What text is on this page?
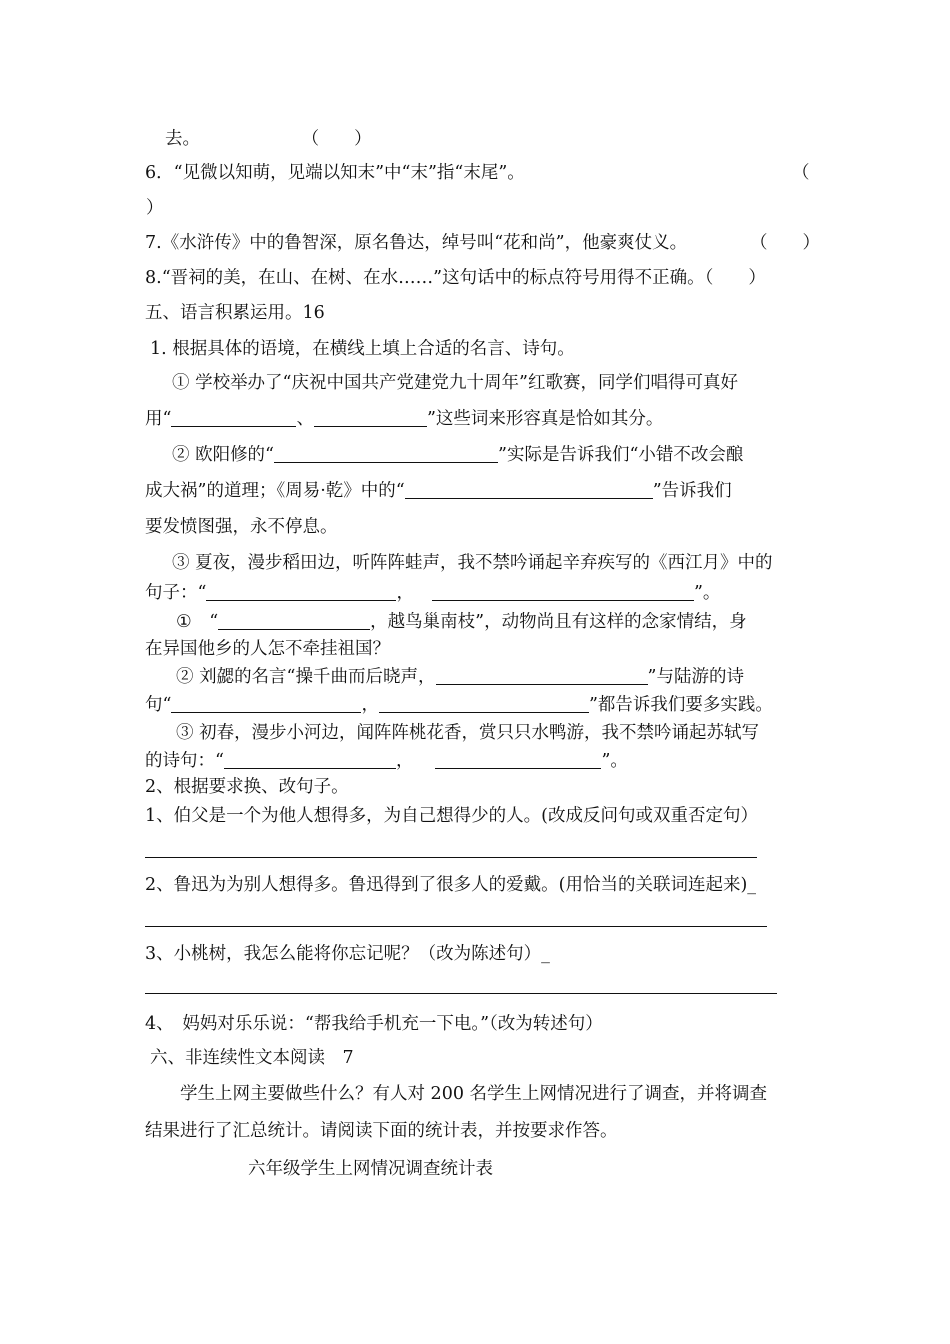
去。	（　　）
6．“见微以知萌，见端以知末”中“末”指“末尾”。	（
）
7.《水浒传》中的鲁智深，原名鲁达，绰号叫“花和尚”，他豪爽仗义。	（　　）
8.“晋祠的美，在山、在树、在水……”这句话中的标点符号用得不正确。（　　）
五、语言积累运用。16
1. 根据具体的语境，在横线上填上合适的名言、诗句。
① 学校举办了“庆祝中国共产党建党九十周年”红歌赛，同学们唱得可真好
用“	、	”这些词来形容真是恰如其分。
② 欧阳修的“	”实际是告诉我们“小错不改会酿
成大祸”的道理；《周易·乾》中的“	”告诉我们
要发愤图强，永不停息。
③ 夏夜，漫步稻田边，听阵阵蛙声，我不禁吟诵起辛弃疾写的《西江月》中的
句子：“	，	”。
①　“	，越鸟巢南枝”，动物尚且有这样的念家情结，身
在异国他乡的人怎不牵挂祖国？
② 刘勰的名言“操千曲而后晓声，	”与陆游的诗
句“	，	”都告诉我们要多实践。
③ 初春，漫步小河边，闻阵阵桃花香，赏只只水鸭游，我不禁吟诵起苏轼写
的诗句：“	，	”。
2、根据要求换、改句子。
1、伯父是一个为他人想得多，为自己想得少的人。(改成反问句或双重否定句）
2、鲁迅为为别人想得多。鲁迅得到了很多人的爱戴。(用恰当的关联词连起来)_
3、小桃树，我怎么能将你忘记呢？（改为陈述句）_
4、　妈妈对乐乐说：“帮我给手机充一下电。”（改为转述句）
六、非连续性文本阅读　7
学生上网主要做些什么？有人对 200 名学生上网情况进行了调查，并将调查
结果进行了汇总统计。请阅读下面的统计表，并按要求作答。
六年级学生上网情况调查统计表
